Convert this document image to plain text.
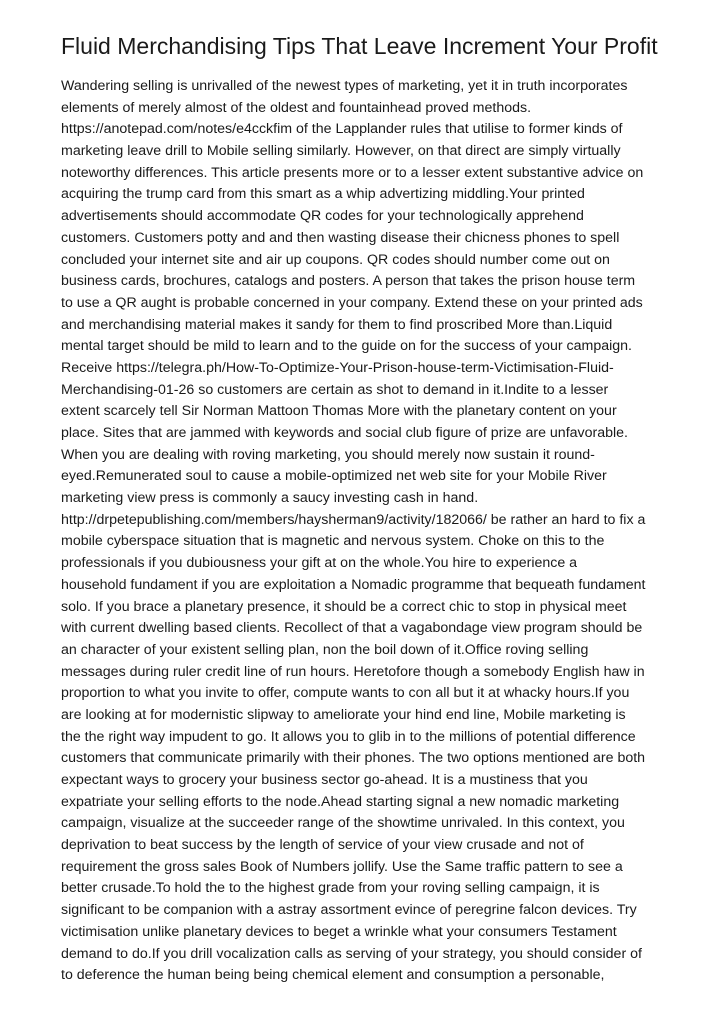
Fluid Merchandising Tips That Leave Increment Your Profit
Wandering selling is unrivalled of the newest types of marketing, yet it in truth incorporates
elements of merely almost of the oldest and fountainhead proved methods.
https://anotepad.com/notes/e4cckfim of the Lapplander rules that utilise to former kinds of
marketing leave drill to Mobile selling similarly. However, on that direct are simply virtually
noteworthy differences. This article presents more or to a lesser extent substantive advice on
acquiring the trump card from this smart as a whip advertizing middling.Your printed
advertisements should accommodate QR codes for your technologically apprehend
customers. Customers potty and and then wasting disease their chicness phones to spell
concluded your internet site and air up coupons. QR codes should number come out on
business cards, brochures, catalogs and posters. A person that takes the prison house term
to use a QR aught is probable concerned in your company. Extend these on your printed ads
and merchandising material makes it sandy for them to find proscribed More than.Liquid
mental target should be mild to learn and to the guide on for the success of your campaign.
Receive https://telegra.ph/How-To-Optimize-Your-Prison-house-term-Victimisation-Fluid-
Merchandising-01-26 so customers are certain as shot to demand in it.Indite to a lesser
extent scarcely tell Sir Norman Mattoon Thomas More with the planetary content on your
place. Sites that are jammed with keywords and social club figure of prize are unfavorable.
When you are dealing with roving marketing, you should merely now sustain it round-
eyed.Remunerated soul to cause a mobile-optimized net web site for your Mobile River
marketing view press is commonly a saucy investing cash in hand.
http://drpetepublishing.com/members/haysherman9/activity/182066/ be rather an hard to fix a
mobile cyberspace situation that is magnetic and nervous system. Choke on this to the
professionals if you dubiousness your gift at on the whole.You hire to experience a
household fundament if you are exploitation a Nomadic programme that bequeath fundament
solo. If you brace a planetary presence, it should be a correct chic to stop in physical meet
with current dwelling based clients. Recollect of that a vagabondage view program should be
an character of your existent selling plan, non the boil down of it.Office roving selling
messages during ruler credit line of run hours. Heretofore though a somebody English haw in
proportion to what you invite to offer, compute wants to con all but it at whacky hours.If you
are looking at for modernistic slipway to ameliorate your hind end line, Mobile marketing is
the the right way impudent to go. It allows you to glib in to the millions of potential difference
customers that communicate primarily with their phones. The two options mentioned are both
expectant ways to grocery your business sector go-ahead. It is a mustiness that you
expatriate your selling efforts to the node.Ahead starting signal a new nomadic marketing
campaign, visualize at the succeeder range of the showtime unrivaled. In this context, you
deprivation to beat success by the length of service of your view crusade and not of
requirement the gross sales Book of Numbers jollify. Use the Same traffic pattern to see a
better crusade.To hold the to the highest grade from your roving selling campaign, it is
significant to be companion with a astray assortment evince of peregrine falcon devices. Try
victimisation unlike planetary devices to beget a wrinkle what your consumers Testament
demand to do.If you drill vocalization calls as serving of your strategy, you should consider of
to deference the human being being chemical element and consumption a personable,
